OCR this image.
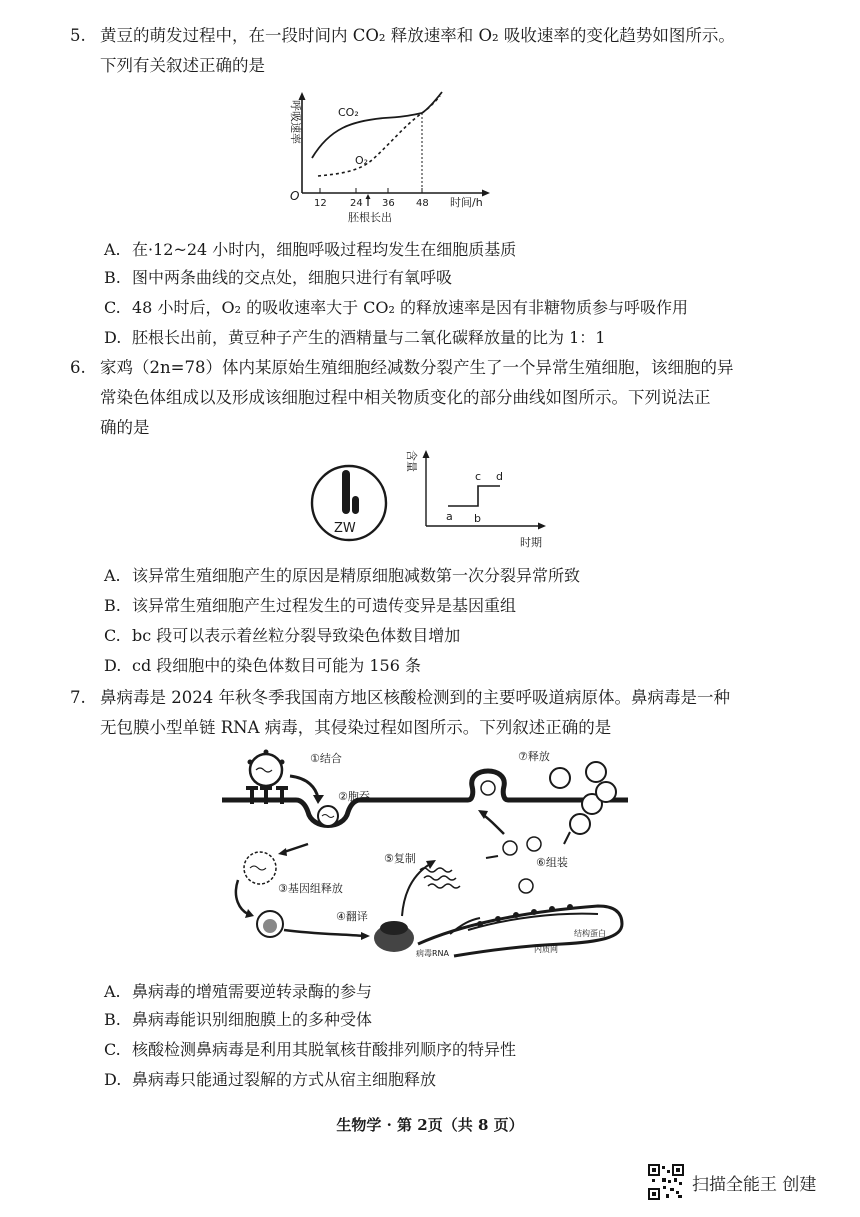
5. 黄豆的萌发过程中，在一段时间内 CO₂ 释放速率和 O₂ 吸收速率的变化趋势如图所示。
下列有关叙述正确的是
呼吸速率	CO₂
O₂
O
12 24 36 48 时间/h
胚根长出
A. 在·12~24 小时内，细胞呼吸过程均发生在细胞质基质
B. 图中两条曲线的交点处，细胞只进行有氧呼吸
C. 48 小时后，O₂ 的吸收速率大于 CO₂ 的释放速率是因有非糖物质参与呼吸作用
D. 胚根长出前，黄豆种子产生的酒精量与二氧化碳释放量的比为 1：1
6. 家鸡（2n=78）体内某原始生殖细胞经减数分裂产生了一个异常生殖细胞，该细胞的异
常染色体组成以及形成该细胞过程中相关物质变化的部分曲线如图所示。下列说法正
确的是
ZW
含量
a b
c d
时期
A. 该异常生殖细胞产生的原因是精原细胞减数第一次分裂异常所致
B. 该异常生殖细胞产生过程发生的可遗传变异是基因重组
C. bc 段可以表示着丝粒分裂导致染色体数目增加
D. cd 段细胞中的染色体数目可能为 156 条
7. 鼻病毒是 2024 年秋冬季我国南方地区核酸检测到的主要呼吸道病原体。鼻病毒是一种
无包膜小型单链 RNA 病毒，其侵染过程如图所示。下列叙述正确的是
①结合
②胞吞
③基因组释放
④翻译
⑤复制	⑥组装
⑦释放
结构蛋白
病毒RNA	内质网
A. 鼻病毒的增殖需要逆转录酶的参与
B. 鼻病毒能识别细胞膜上的多种受体
C. 核酸检测鼻病毒是利用其脱氧核苷酸排列顺序的特异性
D. 鼻病毒只能通过裂解的方式从宿主细胞释放
生物学 · 第 2页（共 8 页）
扫描全能王 创建
